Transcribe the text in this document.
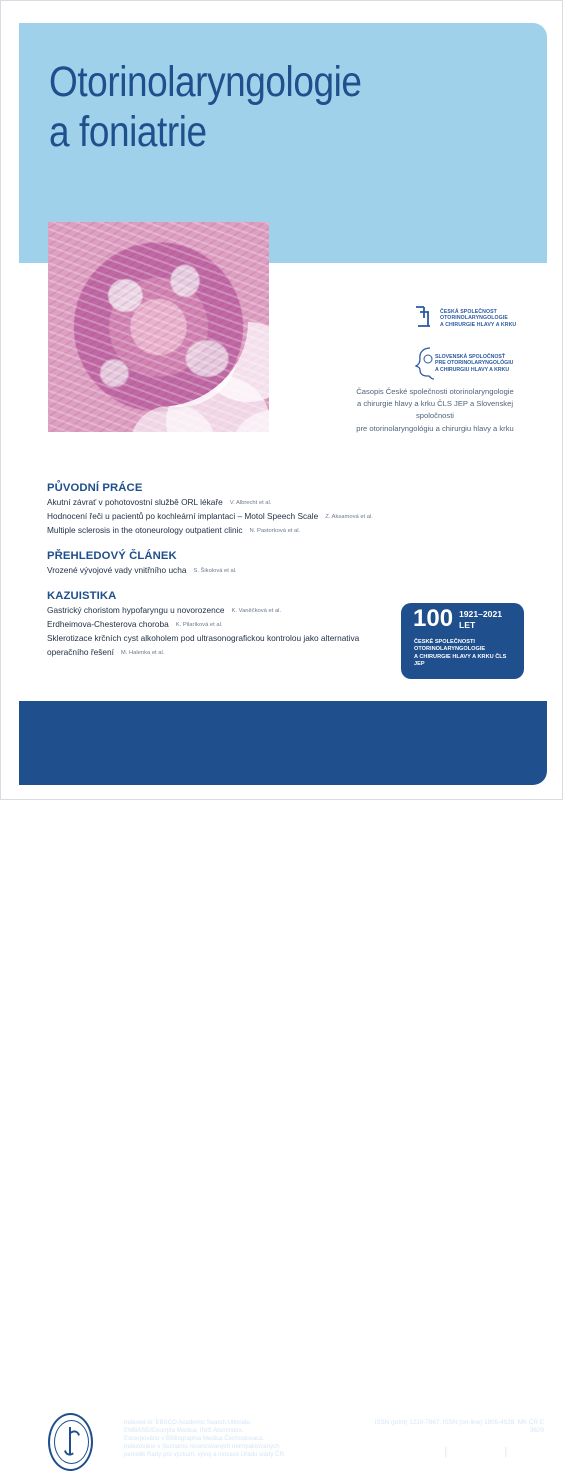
Otorinolaryngologie
a foniatrie
ČESKÁ SPOLEČNOST
OTORINOLARYNGOLOGIE
A CHIRURGIE HLAVY A KRKU
SLOVENSKÁ SPOLOČNOSŤ
PRE OTORINOLARYNGOLÓGIU
A CHIRURGIU HLAVY A KRKU
Časopis České společnosti otorinolaryngologie
a chirurgie hlavy a krku ČLS JEP a Slovenskej spoločnosti
pre otorinolaryngológiu a chirurgiu hlavy a krku
PŮVODNÍ PRÁCE
Akutní závrať v pohotovostní službě ORL lékaře V. Albrecht et al.
Hodnocení řeči u pacientů po kochleární implantaci – Motol Speech Scale Z. Aksamová et al.
Multiple sclerosis in the otoneurology outpatient clinic N. Pastorková et al.
PŘEHLEDOVÝ ČLÁNEK
Vrozené vývojové vady vnitřního ucha S. Šikolová et al.
KAZUISTIKA
Gastrický choristom hypofaryngu u novorozence K. Vaněčková et al.
Erdheimova-Chesterova choroba K. Pilaríková et al.
Sklerotizace krčních cyst alkoholem pod ultrasonografickou kontrolou jako alternativa
operačního řešení M. Halenka et al.
100 1921–2021
LET
ČESKÉ SPOLEČNOSTI
OTORINOLARYNGOLOGIE
A CHIRURGIE HLAVY A KRKU ČLS JEP
Indexed in: EBSCO Academic Search Ultimate,
EMBASE/Excerpta Medica, INIS Atomindex.
Excerpováno v Bibliographia Medica Čechoslovaca.
Indexováno v Seznamu recenzovaných neimpaktovaných
periodik Rady pro výzkum, vývoj a inovace Úřadu vlády ČR.
ISSN (print) 1210-7867, ISSN (on-line) 1805-4528, MK ČR E 3629
ročník 70 | září 2021 | číslo 3
